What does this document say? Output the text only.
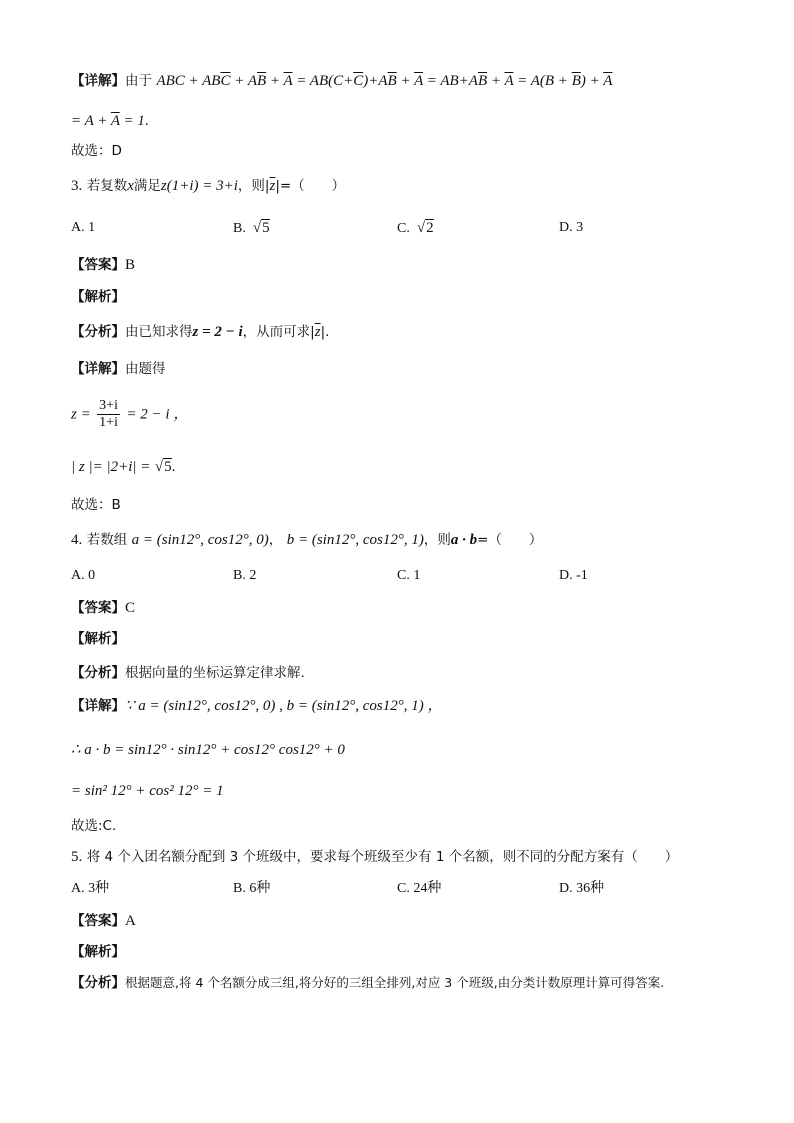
【详解】由于 ABC + $AB\overline{C} + A\overline{B} + \overline{A} = AB(C+\overline{C})+A\overline{B} + \overline{A} = AB+A\overline{B} + \overline{A} = A(B + \overline{B}) + \overline{A}$
= $A + \overline{A} = 1$.
故选：D
3. 若复数x满足z(1+i) = 3+i，则$|\overline{z}|=$（　　）
A. 1	B. √5	C. √2	D. 3
【答案】B
【解析】
【分析】由已知求得z = 2 − i，从而可求$|\overline{z}|$.
【详解】由题得
$z = \frac{3+i}{1+i} = 2 - i$ ，
| z |= |2+i| = √5.
故选：B
4. 若数组 a = (sin12°, cos12°, 0)， b = (sin12°, cos12°, 1)，则a · b=（　　）
A. 0	B. 2	C. 1	D. -1
【答案】C
【解析】
【分析】根据向量的坐标运算定律求解.
【详解】∵ a = (sin12°, cos12°, 0) , b = (sin12°, cos12°, 1) ，
∴ a · b = sin12° · sin12° + cos12° cos12° + 0
= sin² 12° + cos² 12° = 1
故选:C.
5. 将 4 个入团名额分配到 3 个班级中，要求每个班级至少有 1 个名额，则不同的分配方案有（　　）
A. 3种	B. 6种	C. 24种	D. 36种
【答案】A
【解析】
【分析】根据题意,将 4 个名额分成三组,将分好的三组全排列,对应 3 个班级,由分类计数原理计算可得答案.
